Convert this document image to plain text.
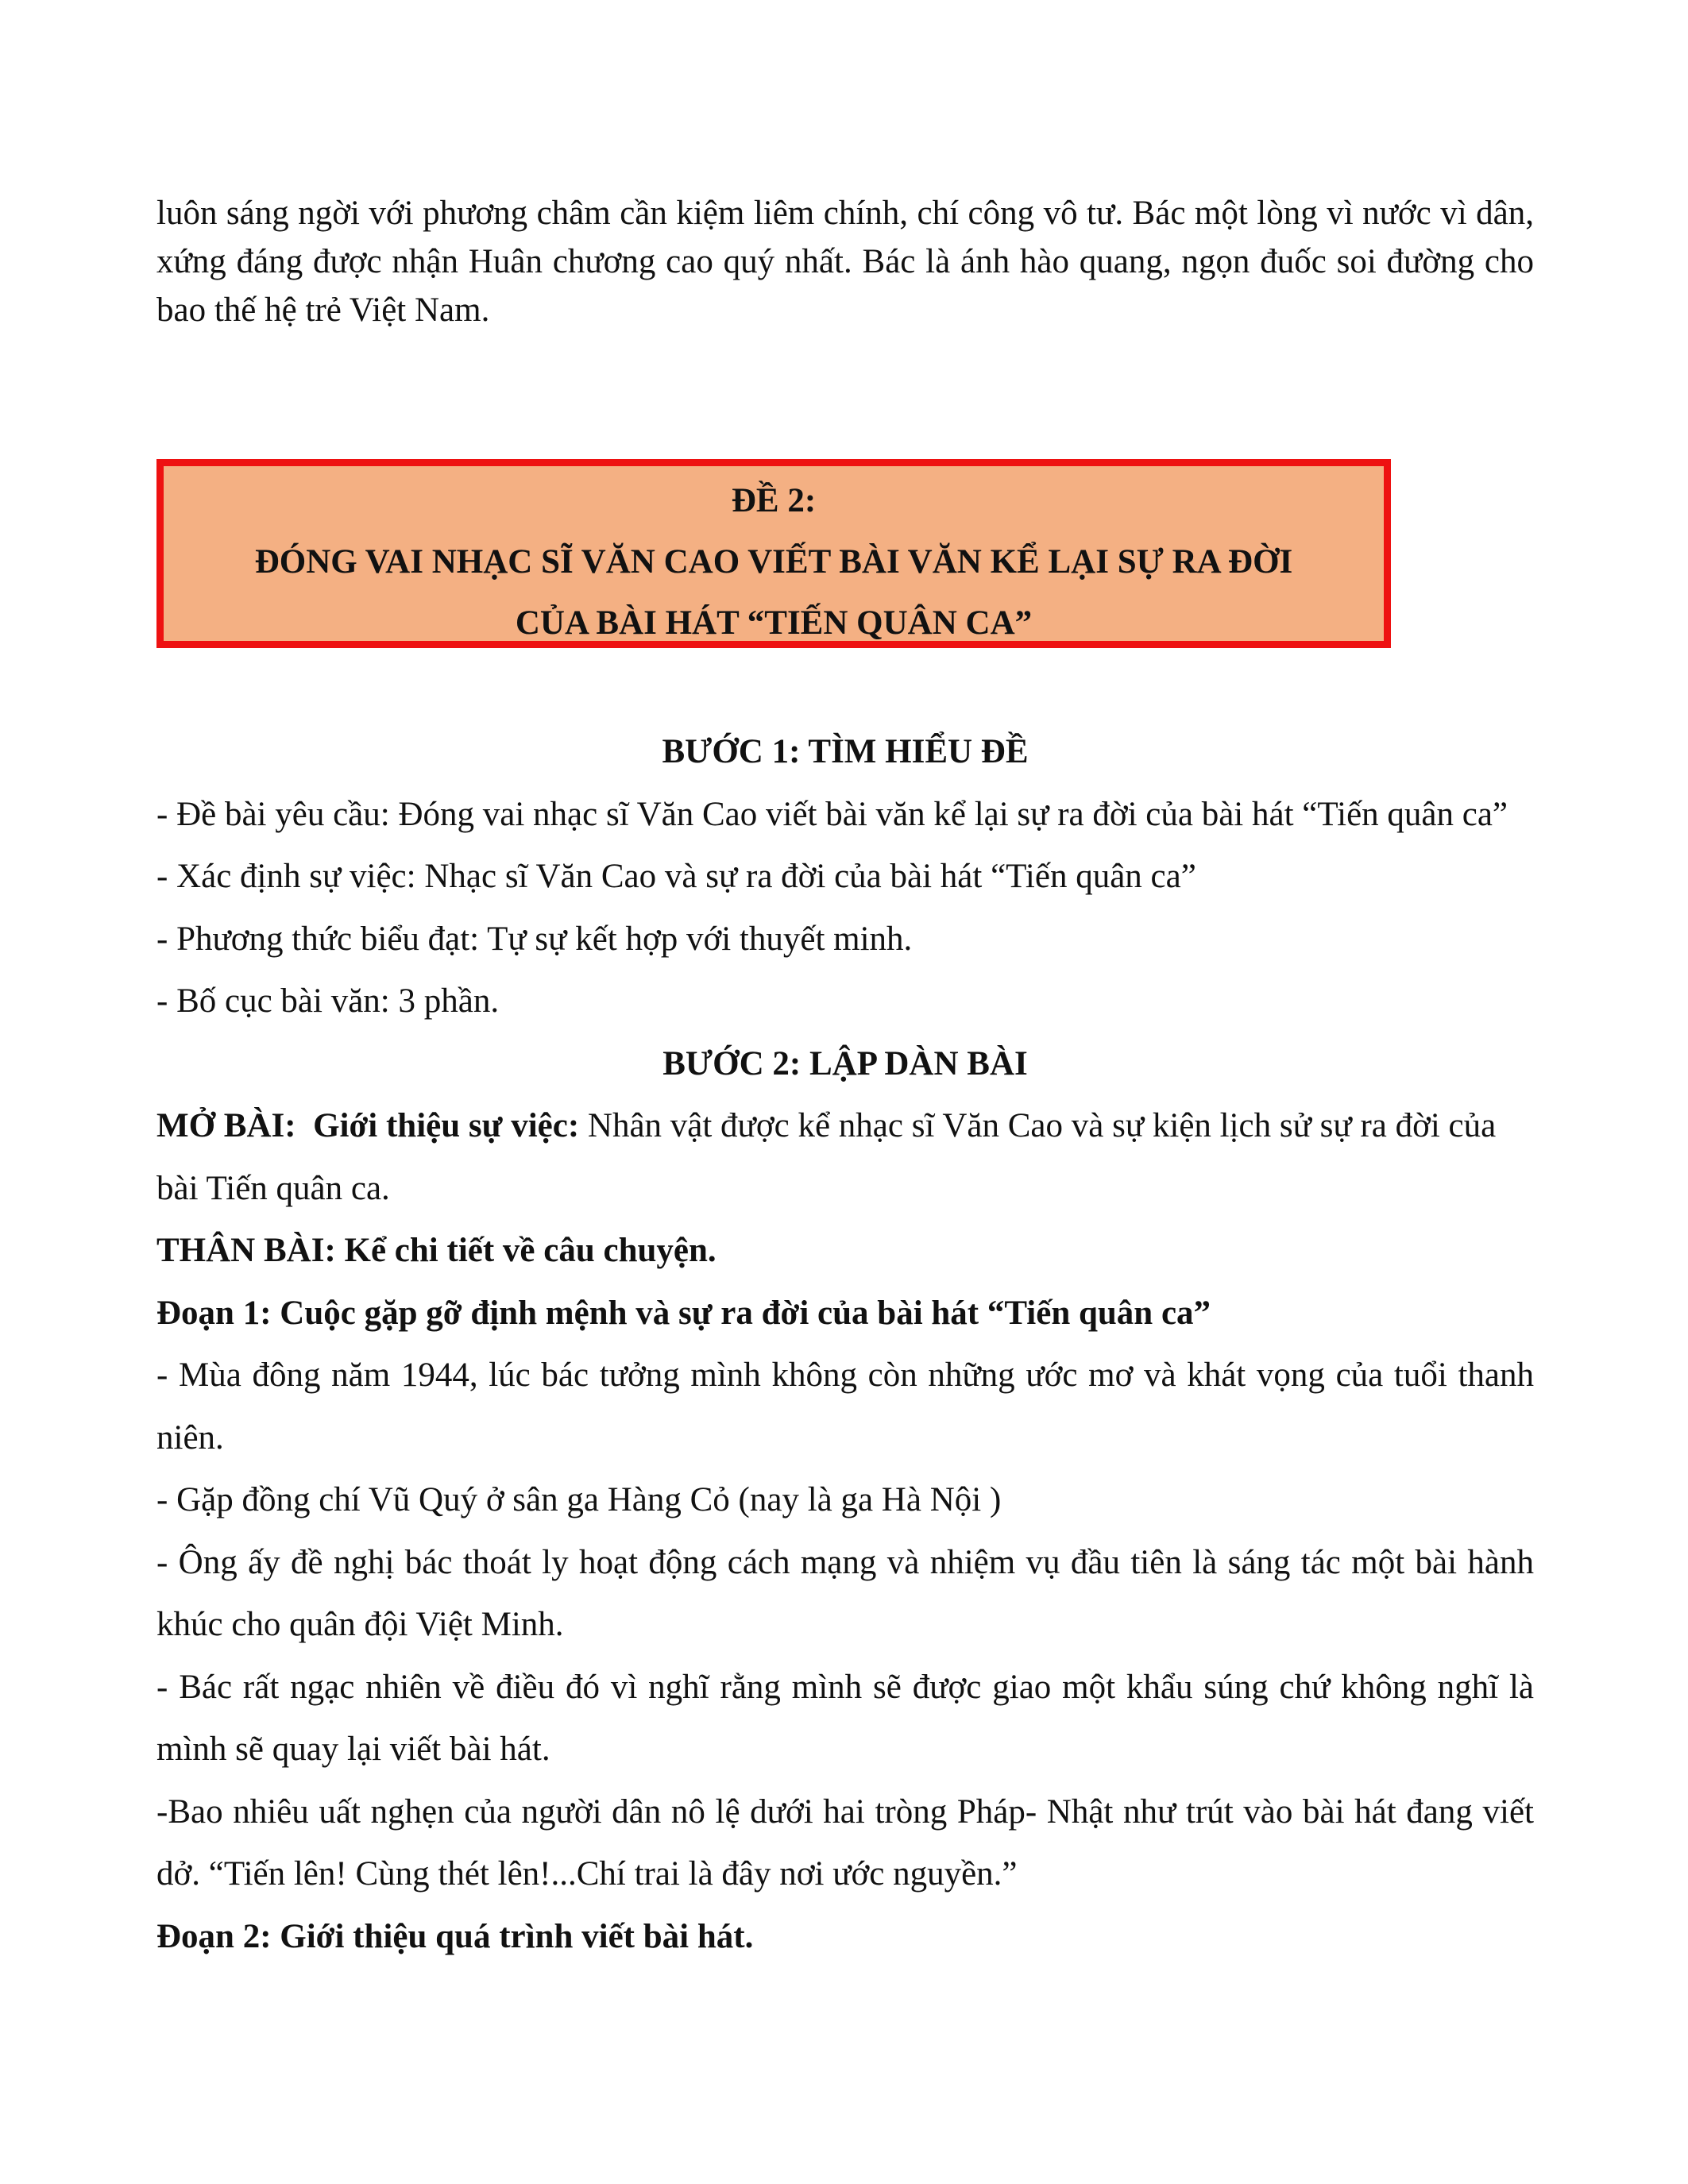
luôn sáng ngời với phương châm cần kiệm liêm chính, chí công vô tư. Bác một lòng vì nước vì dân, xứng đáng được nhận Huân chương cao quý nhất. Bác là ánh hào quang, ngọn đuốc soi đường cho bao thế hệ trẻ Việt Nam.

ĐỀ 2:
ĐÓNG VAI NHẠC SĨ VĂN CAO VIẾT BÀI VĂN KỂ LẠI SỰ RA ĐỜI
CỦA BÀI HÁT “TIẾN QUÂN CA”

BƯỚC 1: TÌM HIỂU ĐỀ

- Đề bài yêu cầu: Đóng vai nhạc sĩ Văn Cao viết bài văn kể lại sự ra đời của bài hát “Tiến quân ca”

- Xác định sự việc: Nhạc sĩ Văn Cao và sự ra đời của bài hát “Tiến quân ca”

- Phương thức biểu đạt: Tự sự kết hợp với thuyết minh.

- Bố cục bài văn: 3 phần.

BƯỚC 2: LẬP DÀN BÀI

MỞ BÀI: Giới thiệu sự việc: Nhân vật được kể nhạc sĩ Văn Cao và sự kiện lịch sử sự ra đời của bài Tiến quân ca.

THÂN BÀI: Kể chi tiết về câu chuyện.

Đoạn 1: Cuộc gặp gỡ định mệnh và sự ra đời của bài hát “Tiến quân ca”

- Mùa đông năm 1944, lúc bác tưởng mình không còn những ước mơ và khát vọng của tuổi thanh niên.

- Gặp đồng chí Vũ Quý ở sân ga Hàng Cỏ (nay là ga Hà Nội )

- Ông ấy đề nghị bác thoát ly hoạt động cách mạng và nhiệm vụ đầu tiên là sáng tác một bài hành khúc cho quân đội Việt Minh.

- Bác rất ngạc nhiên về điều đó vì nghĩ rằng mình sẽ được giao một khẩu súng chứ không nghĩ là mình sẽ quay lại viết bài hát.

-Bao nhiêu uất nghẹn của người dân nô lệ dưới hai tròng Pháp- Nhật như trút vào bài hát đang viết dở. “Tiến lên! Cùng thét lên!...Chí trai là đây nơi ước nguyền.”

Đoạn 2: Giới thiệu quá trình viết bài hát.
